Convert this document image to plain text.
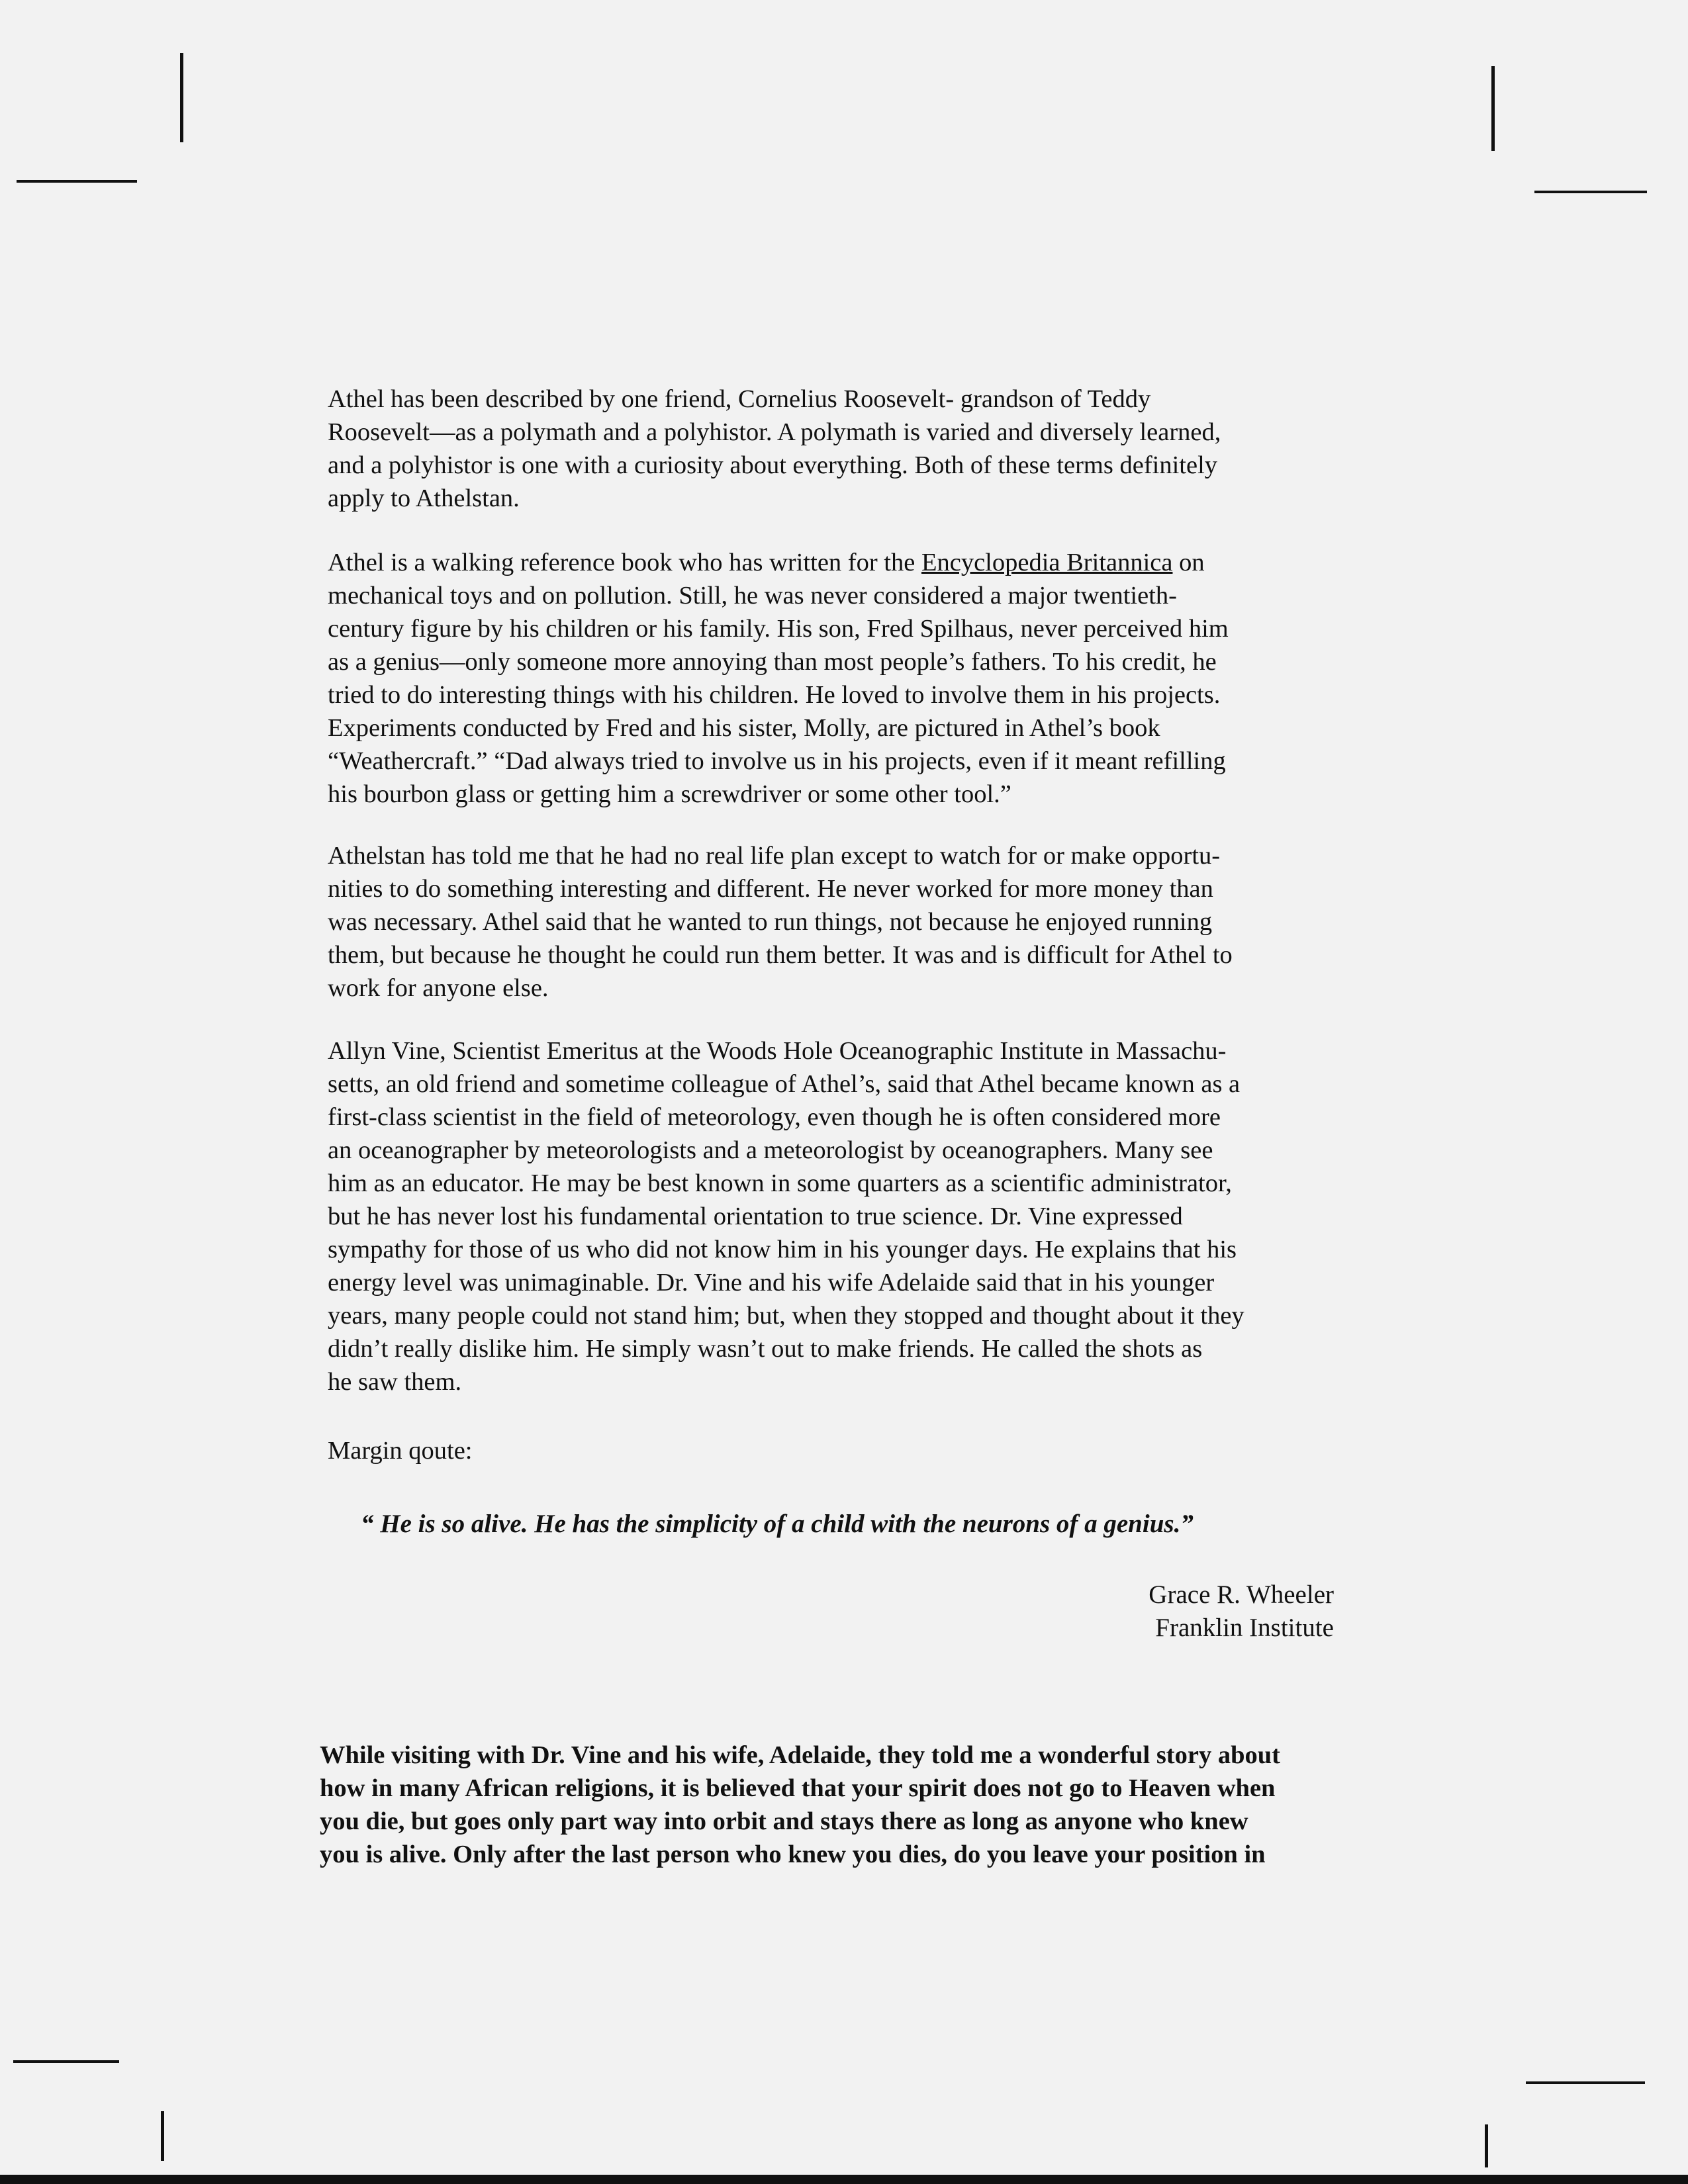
Athel has been described by one friend, Cornelius Roosevelt- grandson of Teddy
Roosevelt—as a polymath and a polyhistor. A polymath is varied and diversely learned,
and a polyhistor is one with a curiosity about everything. Both of these terms definitely
apply to Athelstan.
Athel is a walking reference book who has written for the Encyclopedia Britannica on
mechanical toys and on pollution. Still, he was never considered a major twentieth-
century figure by his children or his family. His son, Fred Spilhaus, never perceived him
as a genius—only someone more annoying than most people’s fathers. To his credit, he
tried to do interesting things with his children. He loved to involve them in his projects.
Experiments conducted by Fred and his sister, Molly, are pictured in Athel’s book
“Weathercraft.” “Dad always tried to involve us in his projects, even if it meant refilling
his bourbon glass or getting him a screwdriver or some other tool.”
Athelstan has told me that he had no real life plan except to watch for or make opportu-
nities to do something interesting and different. He never worked for more money than
was necessary. Athel said that he wanted to run things, not because he enjoyed running
them, but because he thought he could run them better. It was and is difficult for Athel to
work for anyone else.
Allyn Vine, Scientist Emeritus at the Woods Hole Oceanographic Institute in Massachu-
setts, an old friend and sometime colleague of Athel’s, said that Athel became known as a
first-class scientist in the field of meteorology, even though he is often considered more
an oceanographer by meteorologists and a meteorologist by oceanographers. Many see
him as an educator. He may be best known in some quarters as a scientific administrator,
but he has never lost his fundamental orientation to true science. Dr. Vine expressed
sympathy for those of us who did not know him in his younger days. He explains that his
energy level was unimaginable. Dr. Vine and his wife Adelaide said that in his younger
years, many people could not stand him; but, when they stopped and thought about it they
didn’t really dislike him. He simply wasn’t out to make friends. He called the shots as
he saw them.
Margin qoute:
“ He is so alive. He has the simplicity of a child with the neurons of a genius.”
Grace R. Wheeler
Franklin Institute
While visiting with Dr. Vine and his wife, Adelaide, they told me a wonderful story about
how in many African religions, it is believed that your spirit does not go to Heaven when
you die, but goes only part way into orbit and stays there as long as anyone who knew
you is alive. Only after the last person who knew you dies, do you leave your position in
